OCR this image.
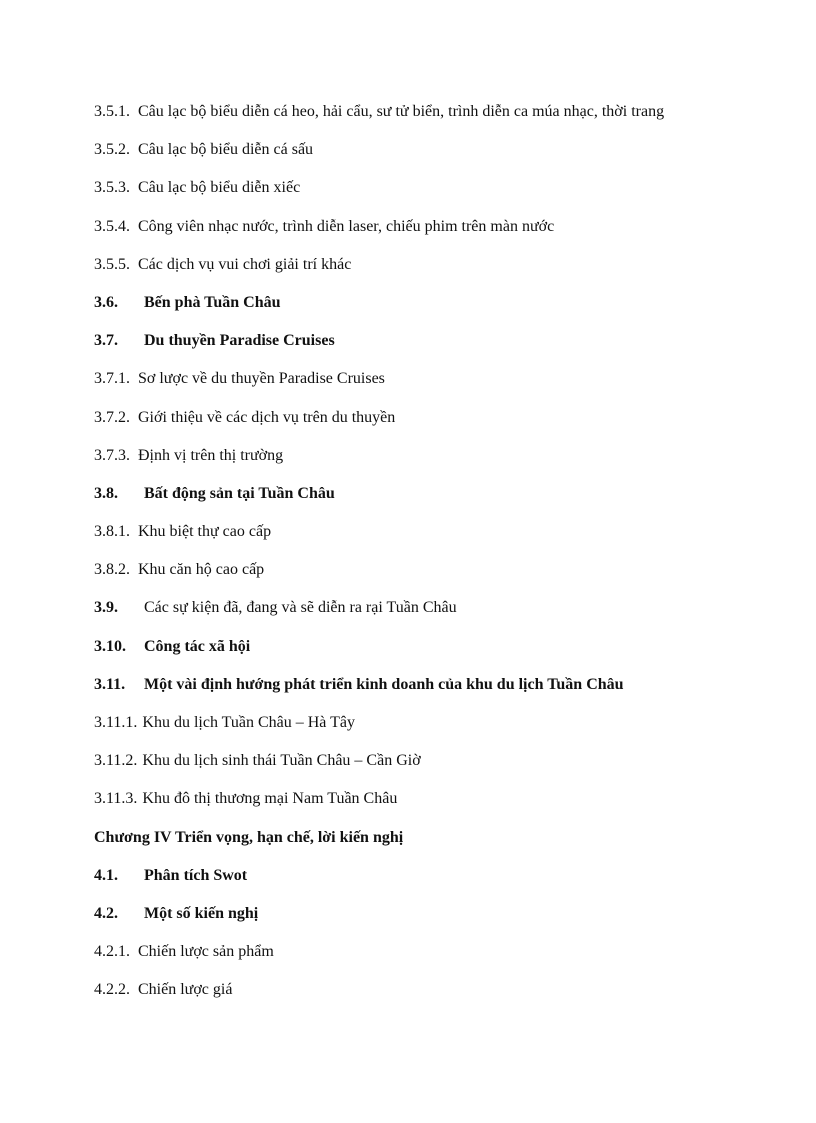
3.5.1. Câu lạc bộ biểu diễn cá heo, hải cẩu, sư tử biển, trình diễn ca múa nhạc, thời trang
3.5.2. Câu lạc bộ biểu diễn cá sấu
3.5.3. Câu lạc bộ biểu diễn xiếc
3.5.4. Công viên nhạc nước, trình diễn laser, chiếu phim trên màn nước
3.5.5. Các dịch vụ vui chơi giải trí khác
3.6.	Bến phà Tuần Châu
3.7.	Du thuyền Paradise Cruises
3.7.1. Sơ lược về du thuyền Paradise Cruises
3.7.2. Giới thiệu về các dịch vụ trên du thuyền
3.7.3. Định vị trên thị trường
3.8.	Bất động sản tại Tuần Châu
3.8.1. Khu biệt thự cao cấp
3.8.2. Khu căn hộ cao cấp
3.9.	Các sự kiện đã, đang và sẽ diễn ra rại Tuần Châu
3.10.	Công tác xã hội
3.11.	Một vài định hướng phát triển kinh doanh của khu du lịch Tuần Châu
3.11.1. Khu du lịch Tuần Châu – Hà Tây
3.11.2. Khu du lịch sinh thái Tuần Châu – Cần Giờ
3.11.3. Khu đô thị thương mại Nam Tuần Châu
Chương IV Triển vọng, hạn chế, lời kiến nghị
4.1.	Phân tích Swot
4.2.	Một số kiến nghị
4.2.1. Chiến lược sản phẩm
4.2.2. Chiến lược giá
